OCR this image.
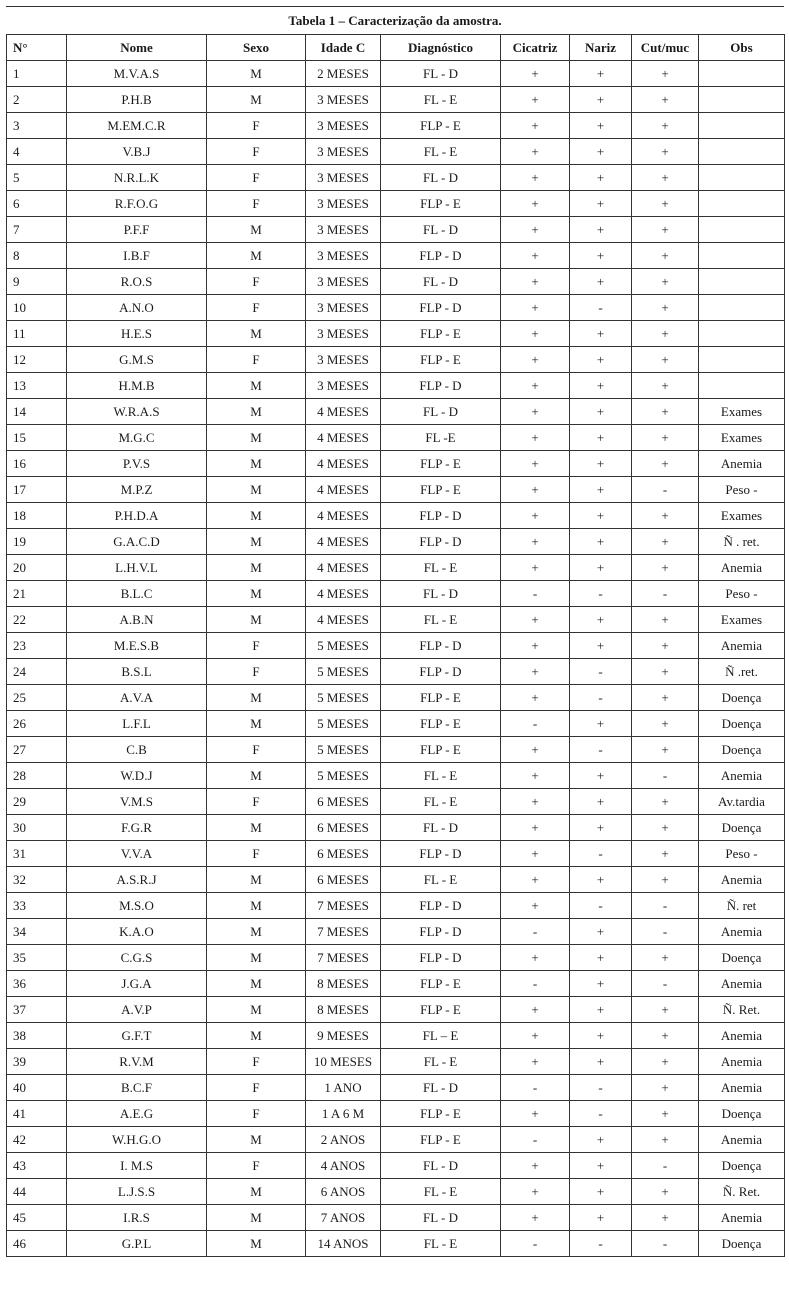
Tabela 1 – Caracterização da amostra.
N°	Nome	Sexo	Idade C	Diagnóstico	Cicatriz	Nariz	Cut/muc	Obs
1	M.V.A.S	M	2 MESES	FL - D	+	+	+	
2	P.H.B	M	3 MESES	FL - E	+	+	+	
3	M.EM.C.R	F	3 MESES	FLP - E	+	+	+	
4	V.B.J	F	3 MESES	FL - E	+	+	+	
5	N.R.L.K	F	3 MESES	FL - D	+	+	+	
6	R.F.O.G	F	3 MESES	FLP - E	+	+	+	
7	P.F.F	M	3 MESES	FL - D	+	+	+	
8	I.B.F	M	3 MESES	FLP - D	+	+	+	
9	R.O.S	F	3 MESES	FL - D	+	+	+	
10	A.N.O	F	3 MESES	FLP - D	+	-	+	
11	H.E.S	M	3 MESES	FLP - E	+	+	+	
12	G.M.S	F	3 MESES	FLP - E	+	+	+	
13	H.M.B	M	3 MESES	FLP - D	+	+	+	
14	W.R.A.S	M	4 MESES	FL - D	+	+	+	Exames
15	M.G.C	M	4 MESES	FL -E	+	+	+	Exames
16	P.V.S	M	4 MESES	FLP - E	+	+	+	Anemia
17	M.P.Z	M	4 MESES	FLP - E	+	+	-	Peso -
18	P.H.D.A	M	4 MESES	FLP - D	+	+	+	Exames
19	G.A.C.D	M	4 MESES	FLP - D	+	+	+	Ñ . ret.
20	L.H.V.L	M	4 MESES	FL - E	+	+	+	Anemia
21	B.L.C	M	4 MESES	FL - D	-	-	-	Peso -
22	A.B.N	M	4 MESES	FL - E	+	+	+	Exames
23	M.E.S.B	F	5 MESES	FLP - D	+	+	+	Anemia
24	B.S.L	F	5 MESES	FLP - D	+	-	+	Ñ .ret.
25	A.V.A	M	5 MESES	FLP - E	+	-	+	Doença
26	L.F.L	M	5 MESES	FLP - E	-	+	+	Doença
27	C.B	F	5 MESES	FLP - E	+	-	+	Doença
28	W.D.J	M	5 MESES	FL - E	+	+	-	Anemia
29	V.M.S	F	6 MESES	FL - E	+	+	+	Av.tardia
30	F.G.R	M	6 MESES	FL - D	+	+	+	Doença
31	V.V.A	F	6 MESES	FLP - D	+	-	+	Peso -
32	A.S.R.J	M	6 MESES	FL - E	+	+	+	Anemia
33	M.S.O	M	7 MESES	FLP - D	+	-	-	Ñ. ret
34	K.A.O	M	7 MESES	FLP - D	-	+	-	Anemia
35	C.G.S	M	7 MESES	FLP - D	+	+	+	Doença
36	J.G.A	M	8 MESES	FLP - E	-	+	-	Anemia
37	A.V.P	M	8 MESES	FLP - E	+	+	+	Ñ. Ret.
38	G.F.T	M	9 MESES	FL – E	+	+	+	Anemia
39	R.V.M	F	10 MESES	FL - E	+	+	+	Anemia
40	B.C.F	F	1 ANO	FL - D	-	-	+	Anemia
41	A.E.G	F	1 A 6 M	FLP - E	+	-	+	Doença
42	W.H.G.O	M	2 ANOS	FLP - E	-	+	+	Anemia
43	I. M.S	F	4 ANOS	FL - D	+	+	-	Doença
44	L.J.S.S	M	6 ANOS	FL - E	+	+	+	Ñ. Ret.
45	I.R.S	M	7 ANOS	FL - D	+	+	+	Anemia
46	G.P.L	M	14 ANOS	FL - E	-	-	-	Doença
